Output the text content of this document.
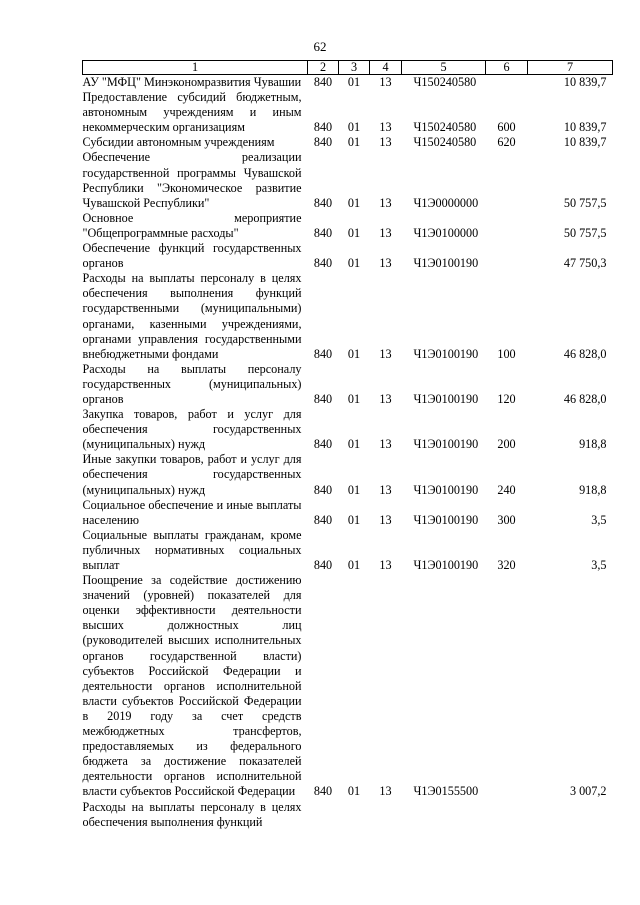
62
1	2	3	4	5	6	7
АУ "МФЦ" Минэкономразвития Чувашии	840	01	13	Ч150240580		10 839,7
Предоставление субсидий бюджетным, автономным учреждениям и иным некоммерческим организациям	840	01	13	Ч150240580	600	10 839,7
Субсидии автономным учреждениям	840	01	13	Ч150240580	620	10 839,7
Обеспечение реализации государственной программы Чувашской Республики "Экономическое развитие Чувашской Республики"	840	01	13	Ч1Э0000000		50 757,5
Основное мероприятие "Общепрограммные расходы"	840	01	13	Ч1Э0100000		50 757,5
Обеспечение функций государственных органов	840	01	13	Ч1Э0100190		47 750,3
Расходы на выплаты персоналу в целях обеспечения выполнения функций государственными (муниципальными) органами, казенными учреждениями, органами управления государственными внебюджетными фондами	840	01	13	Ч1Э0100190	100	46 828,0
Расходы на выплаты персоналу государственных (муниципальных) органов	840	01	13	Ч1Э0100190	120	46 828,0
Закупка товаров, работ и услуг для обеспечения государственных (муниципальных) нужд	840	01	13	Ч1Э0100190	200	918,8
Иные закупки товаров, работ и услуг для обеспечения государственных (муниципальных) нужд	840	01	13	Ч1Э0100190	240	918,8
Социальное обеспечение и иные выплаты населению	840	01	13	Ч1Э0100190	300	3,5
Социальные выплаты гражданам, кроме публичных нормативных социальных выплат	840	01	13	Ч1Э0100190	320	3,5
Поощрение за содействие достижению значений (уровней) показателей для оценки эффективности деятельности высших должностных лиц (руководителей высших исполнительных органов государственной власти) субъектов Российской Федерации и деятельности органов исполнительной власти субъектов Российской Федерации в 2019 году за счет средств межбюджетных трансфертов, предоставляемых из федерального бюджета за достижение показателей деятельности органов исполнительной власти субъектов Российской Федерации	840	01	13	Ч1Э0155500		3 007,2
Расходы на выплаты персоналу в целях обеспечения выполнения функций						
